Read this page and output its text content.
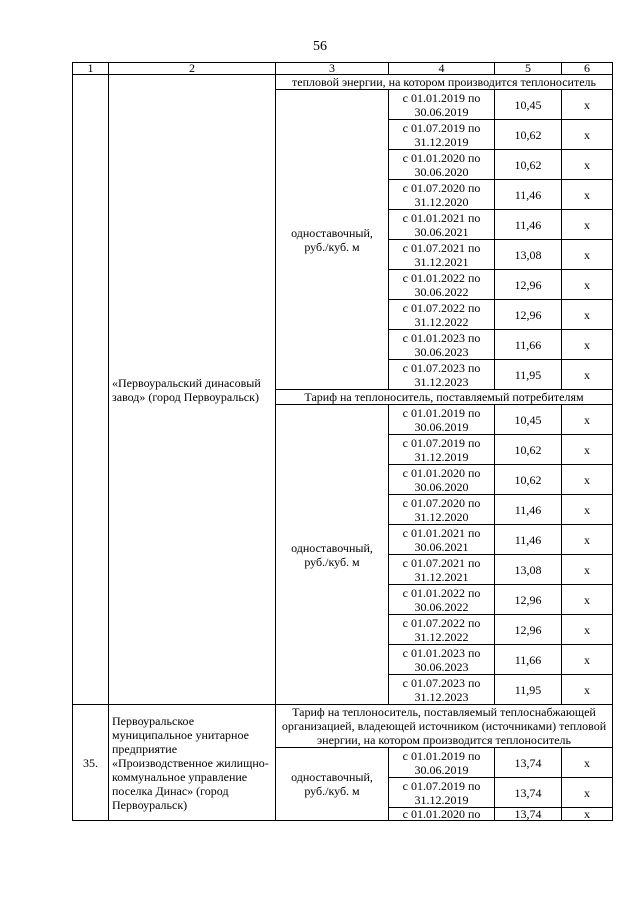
56
1	2	3	4	5	6
	«Первоуральский динасовый завод» (город Первоуральск)	тепловой энергии, на котором производится теплоноситель			
		одноставочный, руб./куб. м	с 01.01.2019 по 30.06.2019	10,45	х
			с 01.07.2019 по 31.12.2019	10,62	х
			с 01.01.2020 по 30.06.2020	10,62	х
			с 01.07.2020 по 31.12.2020	11,46	х
			с 01.01.2021 по 30.06.2021	11,46	х
			с 01.07.2021 по 31.12.2021	13,08	х
			с 01.01.2022 по 30.06.2022	12,96	х
			с 01.07.2022 по 31.12.2022	12,96	х
			с 01.01.2023 по 30.06.2023	11,66	х
			с 01.07.2023 по 31.12.2023	11,95	х
		Тариф на теплоноситель, поставляемый потребителям			
		одноставочный, руб./куб. м	с 01.01.2019 по 30.06.2019	10,45	х
			с 01.07.2019 по 31.12.2019	10,62	х
			с 01.01.2020 по 30.06.2020	10,62	х
			с 01.07.2020 по 31.12.2020	11,46	х
			с 01.01.2021 по 30.06.2021	11,46	х
			с 01.07.2021 по 31.12.2021	13,08	х
			с 01.01.2022 по 30.06.2022	12,96	х
			с 01.07.2022 по 31.12.2022	12,96	х
			с 01.01.2023 по 30.06.2023	11,66	х
			с 01.07.2023 по 31.12.2023	11,95	х
35.	Первоуральское муниципальное унитарное предприятие «Производственное жилищно-коммунальное управление поселка Динас» (город Первоуральск)	Тариф на теплоноситель, поставляемый теплоснабжающей организацией, владеющей источником (источниками) тепловой энергии, на котором производится теплоноситель			
		одноставочный, руб./куб. м	с 01.01.2019 по 30.06.2019	13,74	х
			с 01.07.2019 по 31.12.2019	13,74	х
			с 01.01.2020 по	13,74	х
